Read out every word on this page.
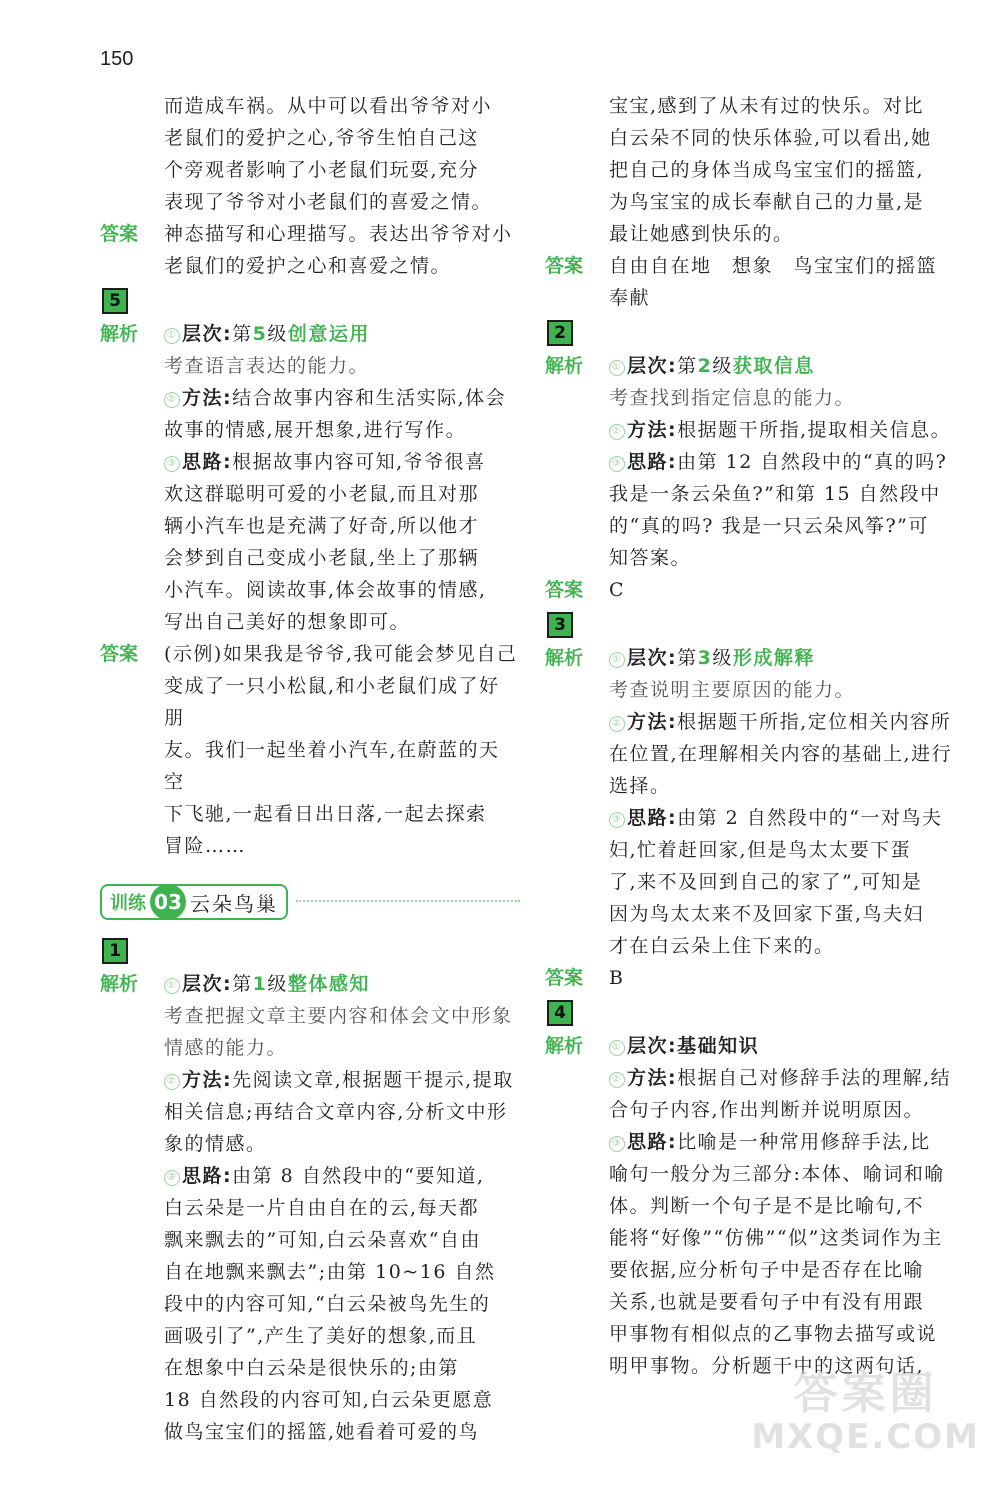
150

而造成车祸。从中可以看出爷爷对小

老鼠们的爱护之心,爷爷生怕自己这

个旁观者影响了小老鼠们玩耍,充分

表现了爷爷对小老鼠们的喜爱之情。

答案	神态描写和心理描写。表达出爷爷对小

老鼠们的爱护之心和喜爱之情。

5
解析	① 层次:第5级创意运用

考查语言表达的能力。

② 方法:结合故事内容和生活实际,体会

故事的情感,展开想象,进行写作。

③ 思路:根据故事内容可知,爷爷很喜

欢这群聪明可爱的小老鼠,而且对那

辆小汽车也是充满了好奇,所以他才

会梦到自己变成小老鼠,坐上了那辆

小汽车。阅读故事,体会故事的情感,

写出自己美好的想象即可。

答案	(示例)如果我是爷爷,我可能会梦见自己

变成了一只小松鼠,和小老鼠们成了好朋

友。我们一起坐着小汽车,在蔚蓝的天空

下飞驰,一起看日出日落,一起去探索

冒险……

训练 03 云朵鸟巢
1
解析	① 层次:第1级整体感知

考查把握文章主要内容和体会文中形象

情感的能力。

② 方法:先阅读文章,根据题干提示,提取

相关信息;再结合文章内容,分析文中形

象的情感。

③ 思路:由第 8 自然段中的“要知道,

白云朵是一片自由自在的云,每天都

飘来飘去的”可知,白云朵喜欢“自由

自在地飘来飘去”;由第 10~16 自然

段中的内容可知,“白云朵被鸟先生的

画吸引了”,产生了美好的想象,而且

在想象中白云朵是很快乐的;由第

18 自然段的内容可知,白云朵更愿意

做鸟宝宝们的摇篮,她看着可爱的鸟

宝宝,感到了从未有过的快乐。对比

白云朵不同的快乐体验,可以看出,她

把自己的身体当成鸟宝宝们的摇篮,

为鸟宝宝的成长奉献自己的力量,是

最让她感到快乐的。

答案	自由自在地　想象　鸟宝宝们的摇篮

奉献

2
解析	① 层次:第2级获取信息

考查找到指定信息的能力。

② 方法:根据题干所指,提取相关信息。

③ 思路:由第 12 自然段中的“真的吗?

我是一条云朵鱼?”和第 15 自然段中

的“真的吗? 我是一只云朵风筝?”可

知答案。

答案	C

3
解析	① 层次:第3级形成解释

考查说明主要原因的能力。

② 方法:根据题干所指,定位相关内容所

在位置,在理解相关内容的基础上,进行

选择。

③ 思路:由第 2 自然段中的“一对鸟夫

妇,忙着赶回家,但是鸟太太要下蛋

了,来不及回到自己的家了”,可知是

因为鸟太太来不及回家下蛋,鸟夫妇

才在白云朵上住下来的。

答案	B

4
解析	① 层次:基础知识

② 方法:根据自己对修辞手法的理解,结

合句子内容,作出判断并说明原因。

③ 思路:比喻是一种常用修辞手法,比

喻句一般分为三部分:本体、喻词和喻

体。判断一个句子是不是比喻句,不

能将“好像”“仿佛”“似”这类词作为主

要依据,应分析句子中是否存在比喻

关系,也就是要看句子中有没有用跟

甲事物有相似点的乙事物去描写或说

明甲事物。分析题干中的这两句话,

答案圈
MXQE.COM
